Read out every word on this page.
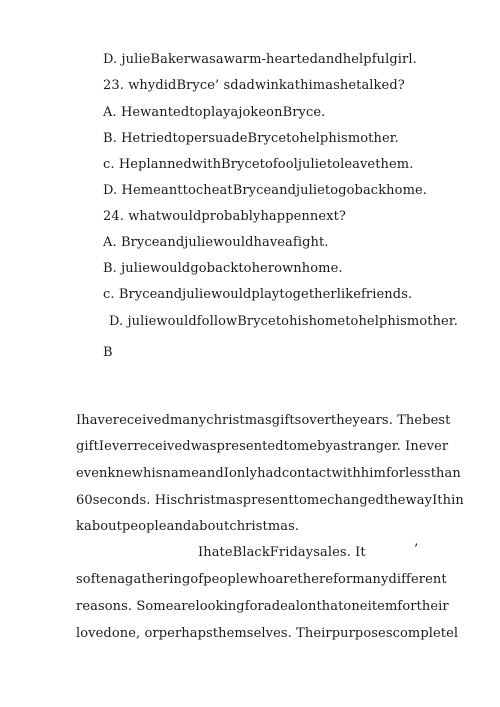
D. julieBakerwasawarm-heartedandhelpfulgirl.
23. whydidBryce’ sdadwinkathimashetalked?
A. HewantedtoplayajokeonBryce.
B. HetriedtopersuadeBrycetohelphismother.
c. HeplannedwithBrycetofooljulietoleavethem.
D. HemeanttocheatBryceandjulietogobackhome.
24. whatwouldprobablyhappennext?
A. Bryceandjuliewouldhaveafight.
B. juliewouldgobacktoherownhome.
c. Bryceandjuliewouldplaytogetherlikefriends.
D. juliewouldfollowBrycetohishometohelphismother.
B
Ihavereceivedmanychristmasgiftsovertheyears. Thebest
giftIeverreceivedwaspresentedtomebyastranger. Inever
evenknewhisnameandIonlyhadcontactwithhimforlessthan
60seconds. HischristmaspresenttomechangedthewayIthin
kaboutpeopleandaboutchristmas.
IhateBlackFridaysales. It	’
softenagatheringofpeoplewhoarethereformanydifferent
reasons. Somearelookingforadealonthatoneitemfortheir
lovedone, orperhapsthemselves. Theirpurposescompletel
